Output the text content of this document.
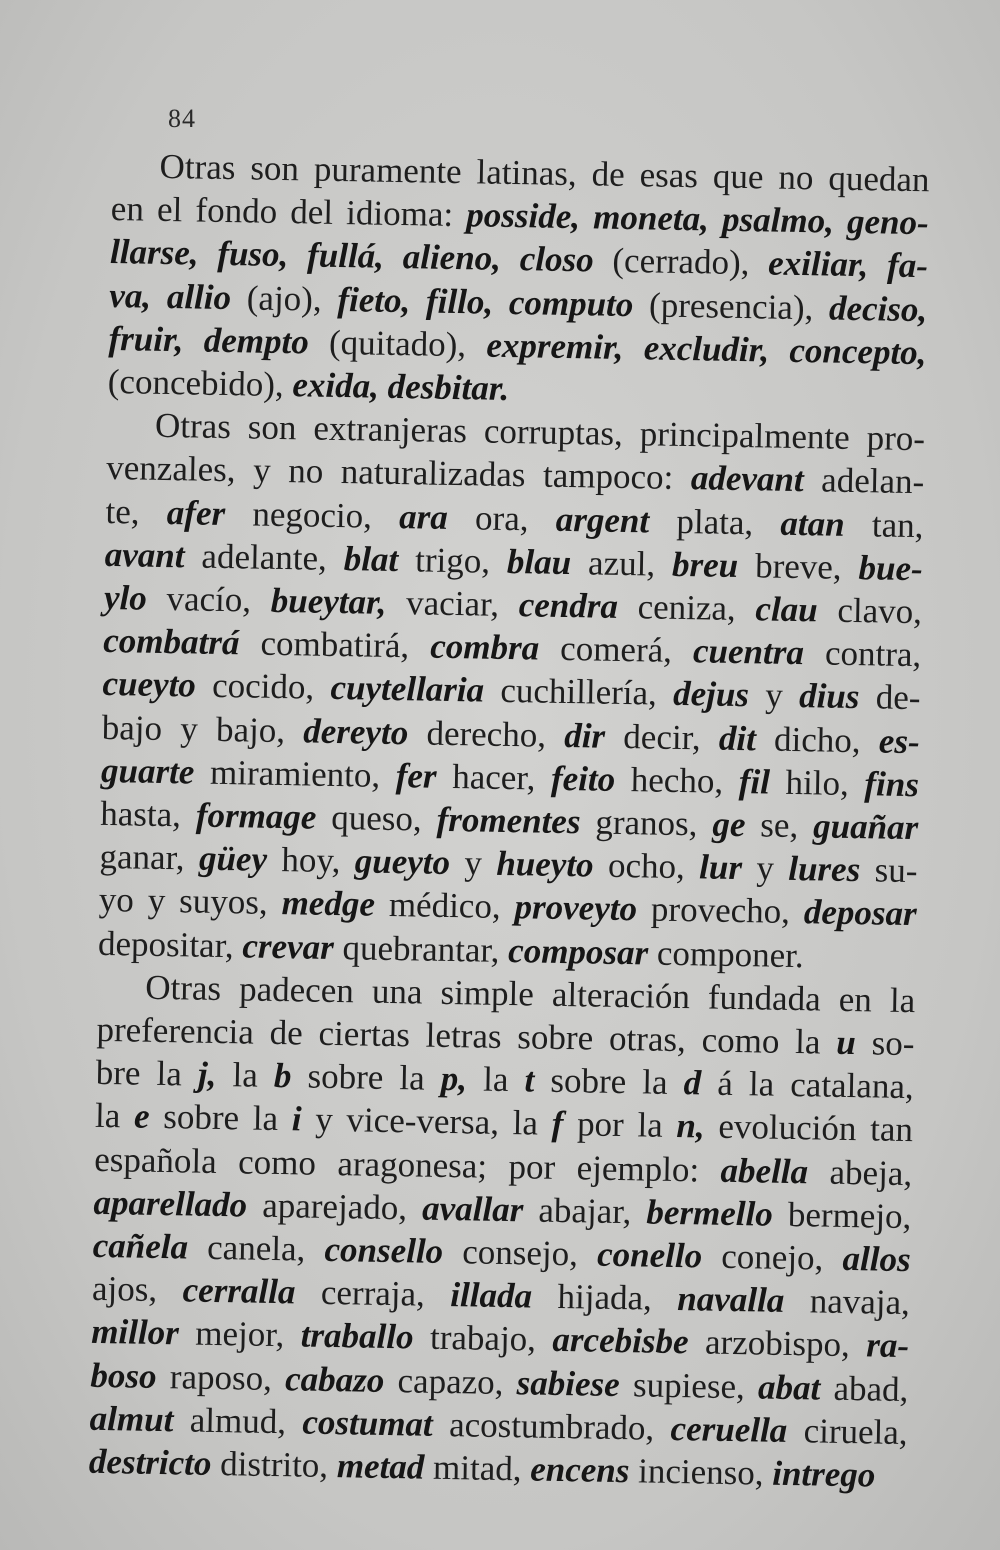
84
Otras son puramente latinas, de esas que no quedan
en el fondo del idioma: posside, moneta, psalmo, geno-
llarse, fuso, fullá, alieno, closo (cerrado), exiliar, fa-
va, allio (ajo), fieto, fillo, computo (presencia), deciso,
fruir, dempto (quitado), expremir, excludir, concepto,
(concebido), exida, desbitar.
Otras son extranjeras corruptas, principalmente pro-
venzales, y no naturalizadas tampoco: adevant adelan-
te, afer negocio, ara ora, argent plata, atan tan,
avant adelante, blat trigo, blau azul, breu breve, bue-
ylo vacío, bueytar, vaciar, cendra ceniza, clau clavo,
combatrá combatirá, combra comerá, cuentra contra,
cueyto cocido, cuytellaria cuchillería, dejus y dius de-
bajo y bajo, dereyto derecho, dir decir, dit dicho, es-
guarte miramiento, fer hacer, feito hecho, fil hilo, fins
hasta, formage queso, fromentes granos, ge se, guañar
ganar, güey hoy, gueyto y hueyto ocho, lur y lures su-
yo y suyos, medge médico, proveyto provecho, deposar
depositar, crevar quebrantar, composar componer.
Otras padecen una simple alteración fundada en la
preferencia de ciertas letras sobre otras, como la u so-
bre la j, la b sobre la p, la t sobre la d á la catalana,
la e sobre la i y vice-versa, la f por la n, evolución tan
española como aragonesa; por ejemplo: abella abeja,
aparellado aparejado, avallar abajar, bermello bermejo,
cañela canela, consello consejo, conello conejo, allos
ajos, cerralla cerraja, illada hijada, navalla navaja,
millor mejor, traballo trabajo, arcebisbe arzobispo, ra-
boso raposo, cabazo capazo, sabiese supiese, abat abad,
almut almud, costumat acostumbrado, ceruella ciruela,
destricto distrito, metad mitad, encens incienso, intrego
